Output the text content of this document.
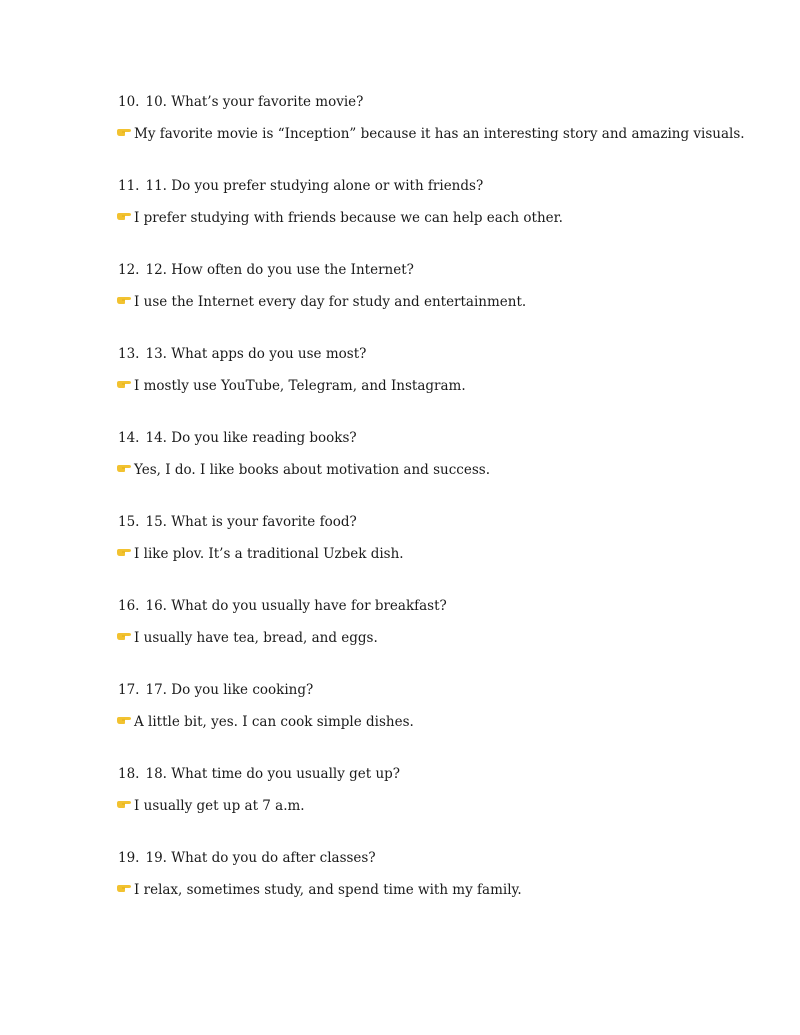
10. 10. What’s your favorite movie?
My favorite movie is “Inception” because it has an interesting story and amazing visuals.
11. 11. Do you prefer studying alone or with friends?
I prefer studying with friends because we can help each other.
12. 12. How often do you use the Internet?
I use the Internet every day for study and entertainment.
13. 13. What apps do you use most?
I mostly use YouTube, Telegram, and Instagram.
14. 14. Do you like reading books?
Yes, I do. I like books about motivation and success.
15. 15. What is your favorite food?
I like plov. It’s a traditional Uzbek dish.
16. 16. What do you usually have for breakfast?
I usually have tea, bread, and eggs.
17. 17. Do you like cooking?
A little bit, yes. I can cook simple dishes.
18. 18. What time do you usually get up?
I usually get up at 7 a.m.
19. 19. What do you do after classes?
I relax, sometimes study, and spend time with my family.
